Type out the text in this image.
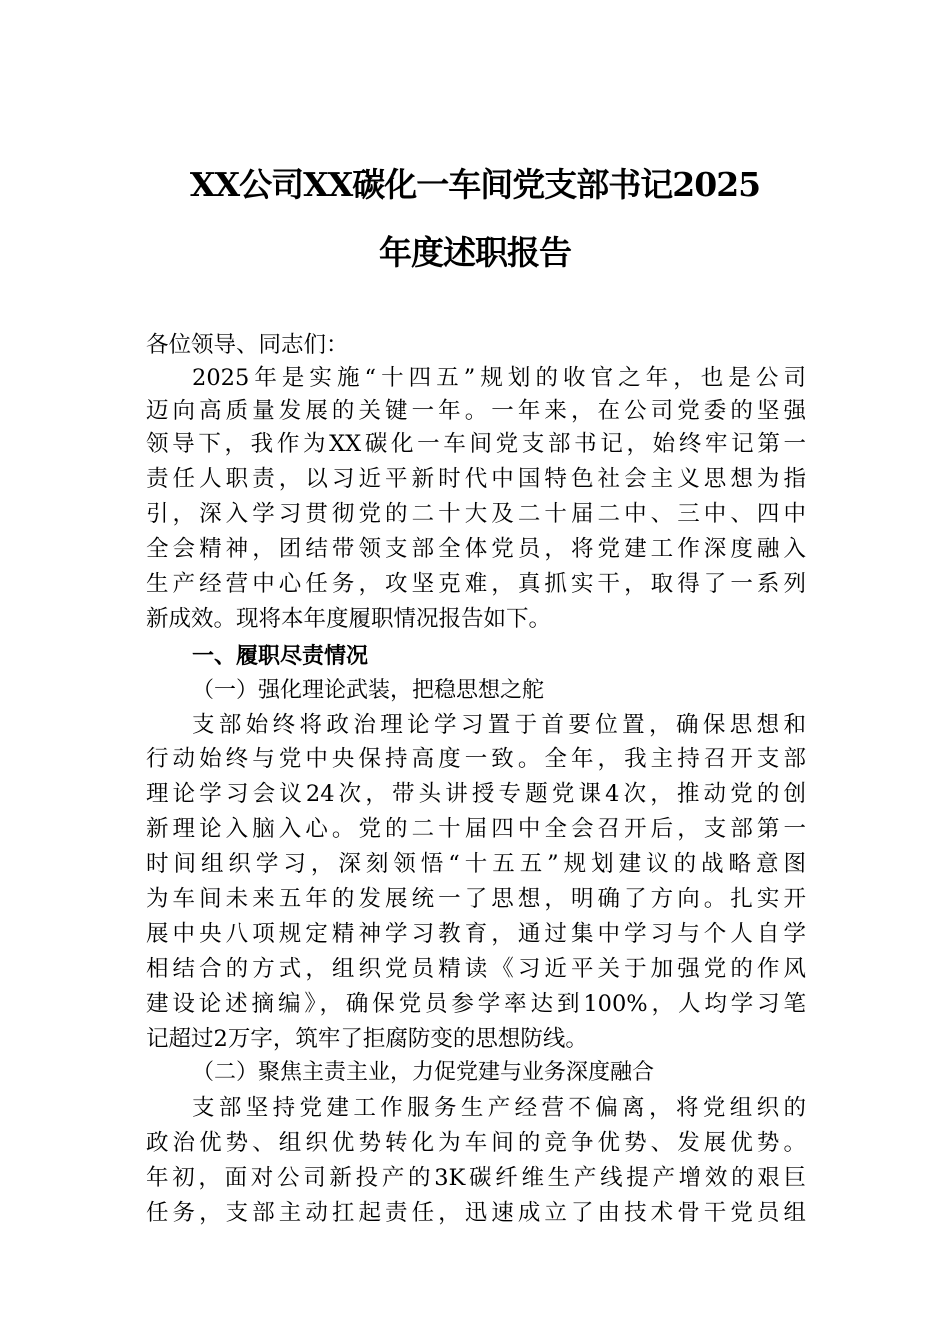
XX公司XX碳化一车间党支部书记2025
年度述职报告
各位领导、同志们：
2025年是实施“十四五”规划的收官之年，也是公司
迈向高质量发展的关键一年。一年来，在公司党委的坚强
领导下，我作为XX碳化一车间党支部书记，始终牢记第一
责任人职责，以习近平新时代中国特色社会主义思想为指
引，深入学习贯彻党的二十大及二十届二中、三中、四中
全会精神，团结带领支部全体党员，将党建工作深度融入
生产经营中心任务，攻坚克难，真抓实干，取得了一系列
新成效。现将本年度履职情况报告如下。
一、履职尽责情况
（一）强化理论武装，把稳思想之舵
支部始终将政治理论学习置于首要位置，确保思想和
行动始终与党中央保持高度一致。全年，我主持召开支部
理论学习会议24次，带头讲授专题党课4次，推动党的创
新理论入脑入心。党的二十届四中全会召开后，支部第一
时间组织学习，深刻领悟“十五五”规划建议的战略意图
为车间未来五年的发展统一了思想，明确了方向。扎实开
展中央八项规定精神学习教育，通过集中学习与个人自学
相结合的方式，组织党员精读《习近平关于加强党的作风
建设论述摘编》，确保党员参学率达到100%，人均学习笔
记超过2万字，筑牢了拒腐防变的思想防线。
（二）聚焦主责主业，力促党建与业务深度融合
支部坚持党建工作服务生产经营不偏离，将党组织的
政治优势、组织优势转化为车间的竞争优势、发展优势。
年初，面对公司新投产的3K碳纤维生产线提产增效的艰巨
任务，支部主动扛起责任，迅速成立了由技术骨干党员组
